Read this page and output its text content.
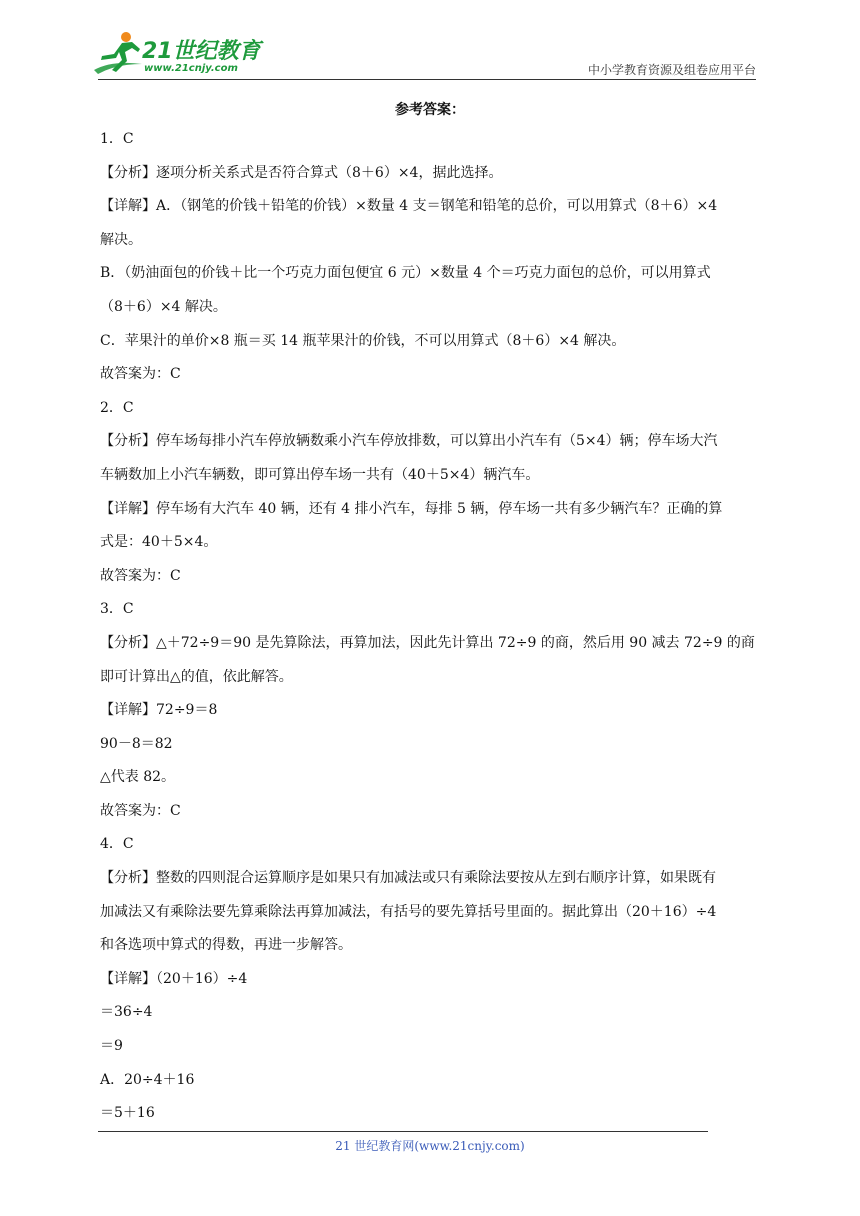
21世纪教育
www.21cnjy.com	中小学教育资源及组卷应用平台
参考答案：

1．C

【分析】逐项分析关系式是否符合算式（8＋6）×4，据此选择。

【详解】A．（钢笔的价钱＋铅笔的价钱）×数量 4 支＝钢笔和铅笔的总价，可以用算式（8＋6）×4

解决。

B．（奶油面包的价钱＋比一个巧克力面包便宜 6 元）×数量 4 个＝巧克力面包的总价，可以用算式

（8＋6）×4 解决。

C．苹果汁的单价×8 瓶＝买 14 瓶苹果汁的价钱，不可以用算式（8＋6）×4 解决。

故答案为：C

2．C

【分析】停车场每排小汽车停放辆数乘小汽车停放排数，可以算出小汽车有（5×4）辆；停车场大汽

车辆数加上小汽车辆数，即可算出停车场一共有（40＋5×4）辆汽车。

【详解】停车场有大汽车 40 辆，还有 4 排小汽车，每排 5 辆，停车场一共有多少辆汽车？正确的算

式是：40＋5×4。

故答案为：C

3．C

【分析】△＋72÷9＝90 是先算除法，再算加法，因此先计算出 72÷9 的商，然后用 90 减去 72÷9 的商

即可计算出△的值，依此解答。

【详解】72÷9＝8

90－8＝82

△代表 82。

故答案为：C

4．C

【分析】整数的四则混合运算顺序是如果只有加减法或只有乘除法要按从左到右顺序计算，如果既有

加减法又有乘除法要先算乘除法再算加减法，有括号的要先算括号里面的。据此算出（20＋16）÷4

和各选项中算式的得数，再进一步解答。

【详解】（20＋16）÷4

＝36÷4

＝9

A．20÷4＋16

＝5＋16

21 世纪教育网(www.21cnjy.com)
